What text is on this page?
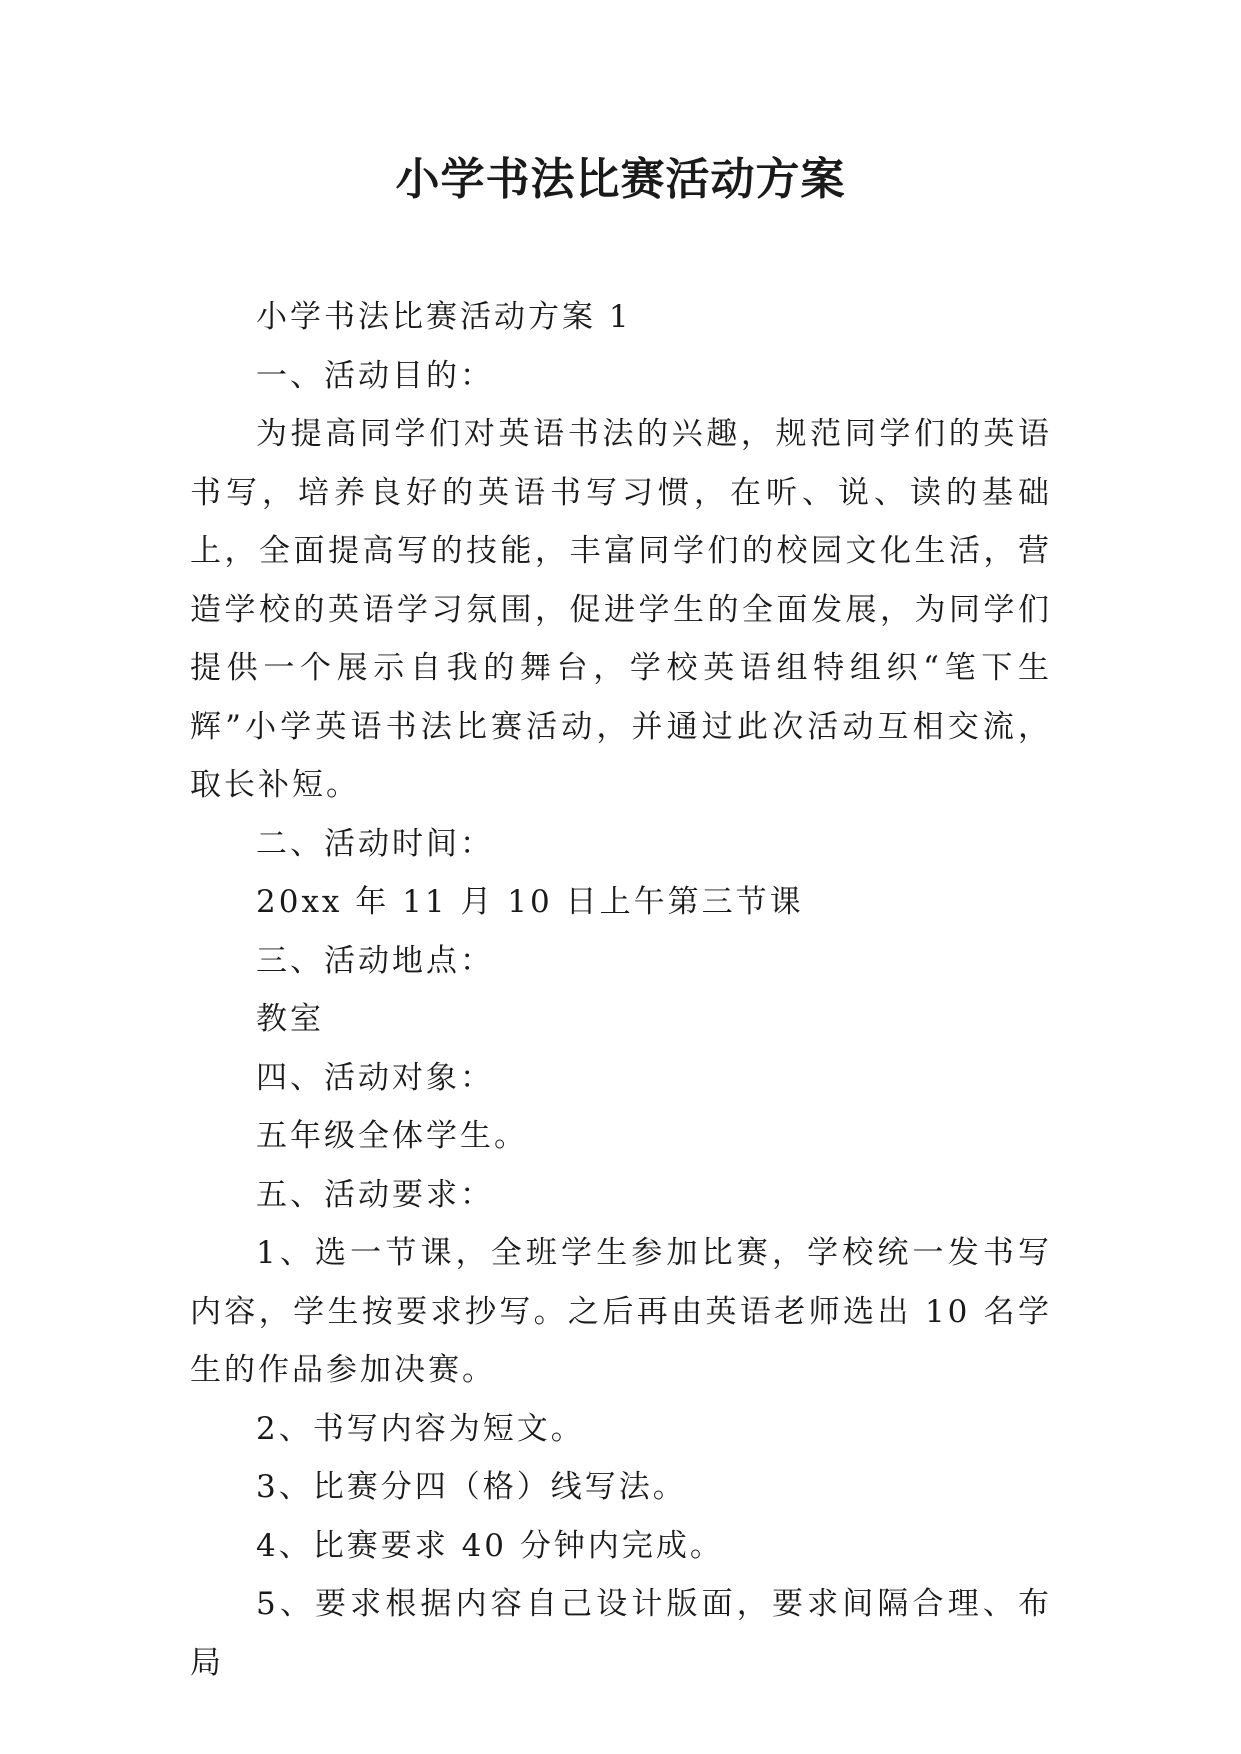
小学书法比赛活动方案

小学书法比赛活动方案 1

一、活动目的：

为提高同学们对英语书法的兴趣，规范同学们的英语书写，培养良好的英语书写习惯，在听、说、读的基础上，全面提高写的技能，丰富同学们的校园文化生活，营造学校的英语学习氛围，促进学生的全面发展，为同学们提供一个展示自我的舞台，学校英语组特组织“笔下生辉”小学英语书法比赛活动，并通过此次活动互相交流，取长补短。

二、活动时间：

20xx 年 11 月 10 日上午第三节课

三、活动地点：

教室

四、活动对象：

五年级全体学生。

五、活动要求：

1、选一节课，全班学生参加比赛，学校统一发书写内容，学生按要求抄写。之后再由英语老师选出 10 名学生的作品参加决赛。

2、书写内容为短文。

3、比赛分四（格）线写法。

4、比赛要求 40 分钟内完成。

5、要求根据内容自己设计版面，要求间隔合理、布局
